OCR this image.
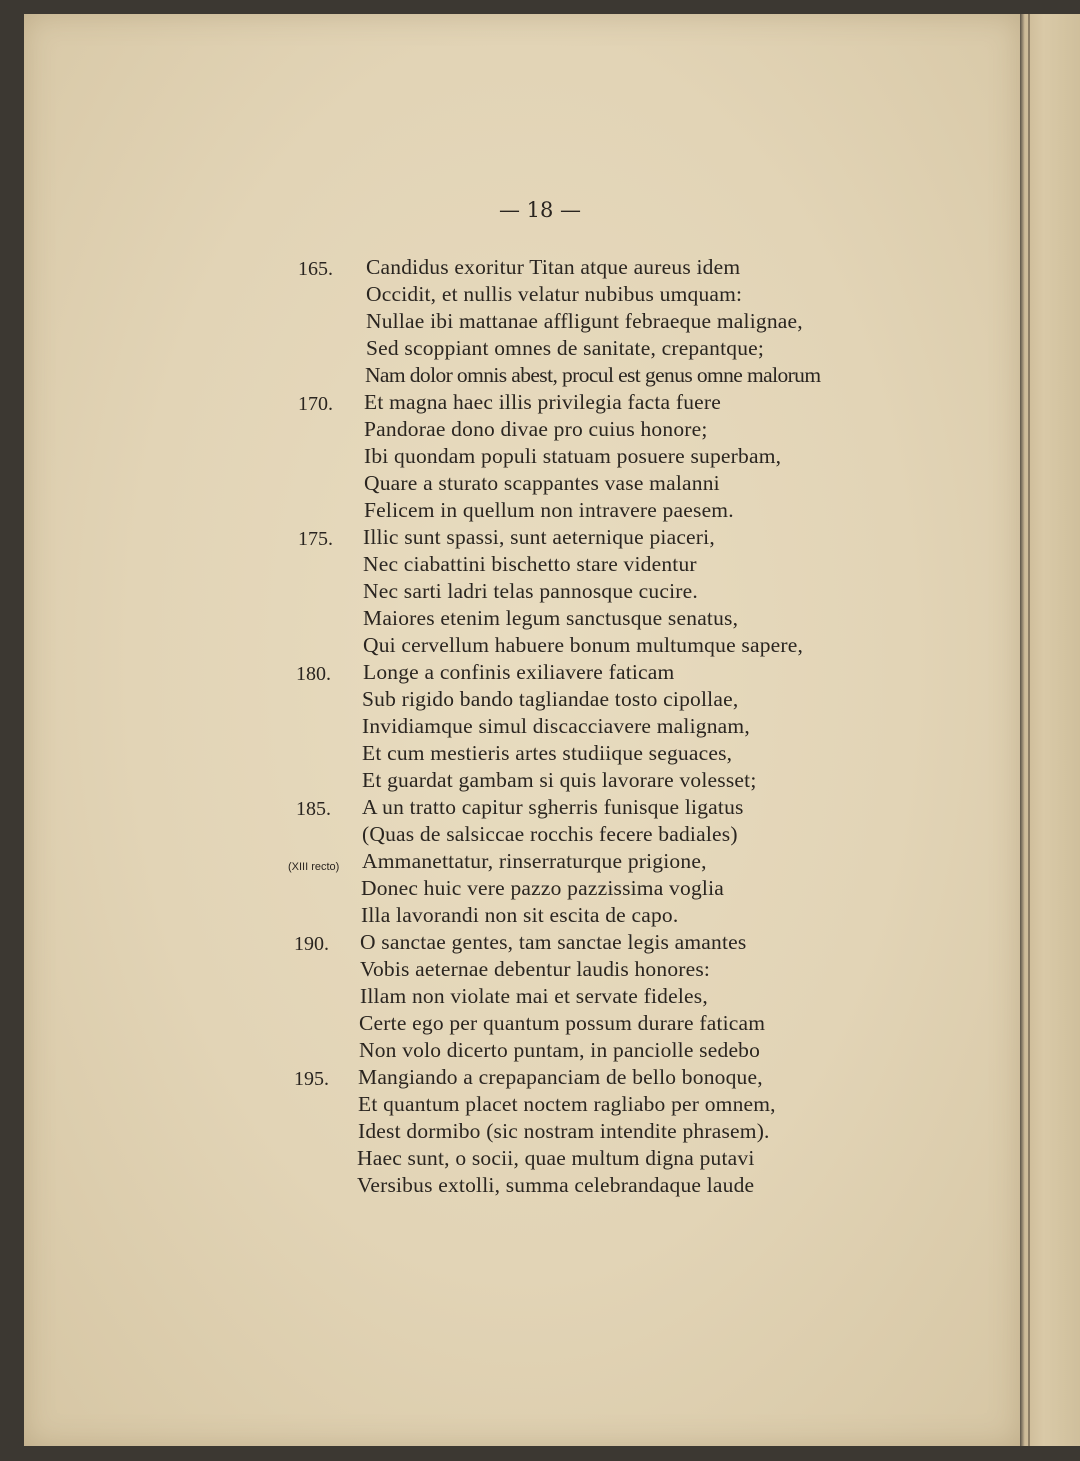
— 18 —
165.
170.
175.
180.
185.
190.
195.
(XIII recto)
Candidus exoritur Titan atque aureus idem
Occidit, et nullis velatur nubibus umquam:
Nullae ibi mattanae affligunt febraeque malignae,
Sed scoppiant omnes de sanitate, crepantque;
Nam dolor omnis abest, procul est genus omne malorum
Et magna haec illis privilegia facta fuere
Pandorae dono divae pro cuius honore;
Ibi quondam populi statuam posuere superbam,
Quare a sturato scappantes vase malanni
Felicem in quellum non intravere paesem.
Illic sunt spassi, sunt aeternique piaceri,
Nec ciabattini bischetto stare videntur
Nec sarti ladri telas pannosque cucire.
Maiores etenim legum sanctusque senatus,
Qui cervellum habuere bonum multumque sapere,
Longe a confinis exiliavere faticam
Sub rigido bando tagliandae tosto cipollae,
Invidiamque simul discacciavere malignam,
Et cum mestieris artes studiique seguaces,
Et guardat gambam si quis lavorare volesset;
A un tratto capitur sgherris funisque ligatus
(Quas de salsiccae rocchis fecere badiales)
Ammanettatur, rinserraturque prigione,
Donec huic vere pazzo pazzissima voglia
Illa lavorandi non sit escita de capo.
O sanctae gentes, tam sanctae legis amantes
Vobis aeternae debentur laudis honores:
Illam non violate mai et servate fideles,
Certe ego per quantum possum durare faticam
Non volo dicerto puntam, in panciolle sedebo
Mangiando a crepapanciam de bello bonoque,
Et quantum placet noctem ragliabo per omnem,
Idest dormibo (sic nostram intendite phrasem).
Haec sunt, o socii, quae multum digna putavi
Versibus extolli, summa celebrandaque laude
